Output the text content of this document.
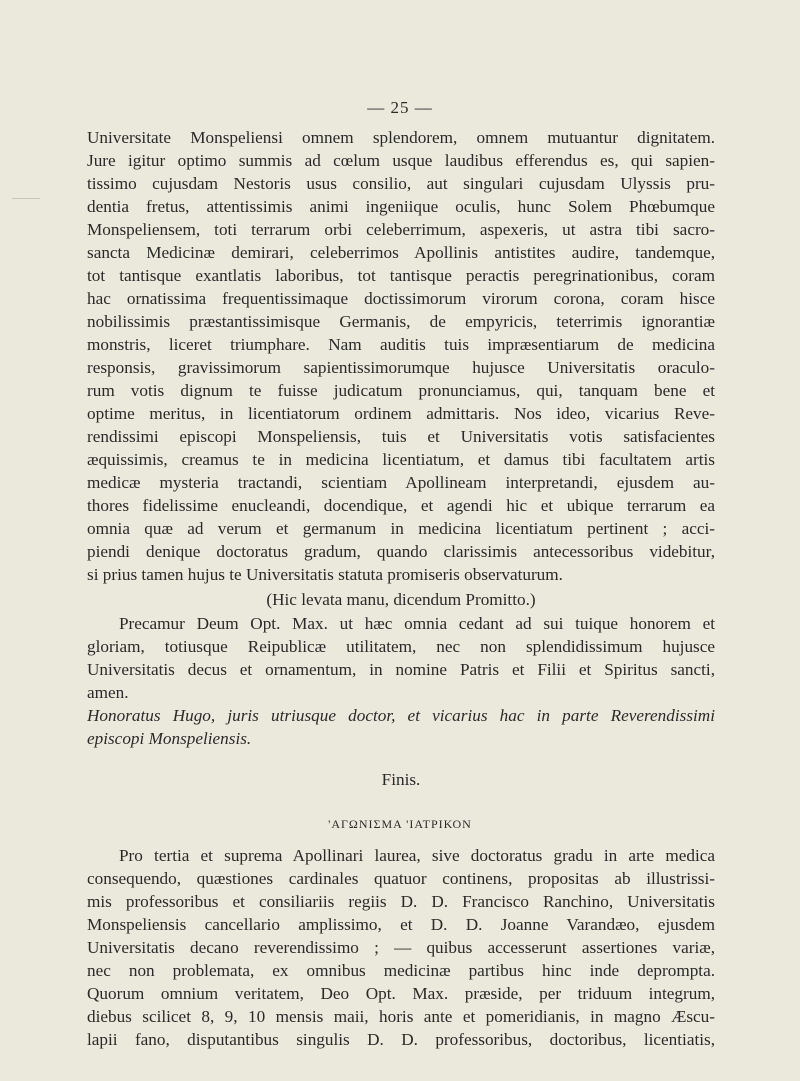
— 25 —
Universitate Monspeliensi omnem splendorem, omnem mutuantur dignitatem.
Jure igitur optimo summis ad cœlum usque laudibus efferendus es, qui sapien-
tissimo cujusdam Nestoris usus consilio, aut singulari cujusdam Ulyssis pru-
dentia fretus, attentissimis animi ingeniique oculis, hunc Solem Phœbumque
Monspeliensem, toti terrarum orbi celeberrimum, aspexeris, ut astra tibi sacro-
sancta Medicinæ demirari, celeberrimos Apollinis antistites audire, tandemque,
tot tantisque exantlatis laboribus, tot tantisque peractis peregrinationibus, coram
hac ornatissima frequentissimaque doctissimorum virorum corona, coram hisce
nobilissimis præstantissimisque Germanis, de empyricis, teterrimis ignorantiæ
monstris, liceret triumphare. Nam auditis tuis impræsentiarum de medicina
responsis, gravissimorum sapientissimorumque hujusce Universitatis oraculo-
rum votis dignum te fuisse judicatum pronunciamus, qui, tanquam bene et
optime meritus, in licentiatorum ordinem admittaris. Nos ideo, vicarius Reve-
rendissimi episcopi Monspeliensis, tuis et Universitatis votis satisfacientes
æquissimis, creamus te in medicina licentiatum, et damus tibi facultatem artis
medicæ mysteria tractandi, scientiam Apollineam interpretandi, ejusdem au-
thores fidelissime enucleandi, docendique, et agendi hic et ubique terrarum ea
omnia quæ ad verum et germanum in medicina licentiatum pertinent ; acci-
piendi denique doctoratus gradum, quando clarissimis antecessoribus videbitur,
si prius tamen hujus te Universitatis statuta promiseris observaturum.
(Hic levata manu, dicendum Promitto.)
Precamur Deum Opt. Max. ut hæc omnia cedant ad sui tuique honorem et
gloriam, totiusque Reipublicæ utilitatem, nec non splendidissimum hujusce
Universitatis decus et ornamentum, in nomine Patris et Filii et Spiritus sancti,
amen.
Honoratus Hugo, juris utriusque doctor, et vicarius hac in parte Reverendissimi
episcopi Monspeliensis.
Finis.
'ΑΓΩΝΙΣΜΑ 'ΙΑΤΡΙΚΟΝ
Pro tertia et suprema Apollinari laurea, sive doctoratus gradu in arte medica
consequendo, quæstiones cardinales quatuor continens, propositas ab illustrissi-
mis professoribus et consiliariis regiis D. D. Francisco Ranchino, Universitatis
Monspeliensis cancellario amplissimo, et D. D. Joanne Varandæo, ejusdem
Universitatis decano reverendissimo ; — quibus accesserunt assertiones variæ,
nec non problemata, ex omnibus medicinæ partibus hinc inde deprompta.
Quorum omnium veritatem, Deo Opt. Max. præside, per triduum integrum,
diebus scilicet 8, 9, 10 mensis maii, horis ante et pomeridianis, in magno Æscu-
lapii fano, disputantibus singulis D. D. professoribus, doctoribus, licentiatis,
